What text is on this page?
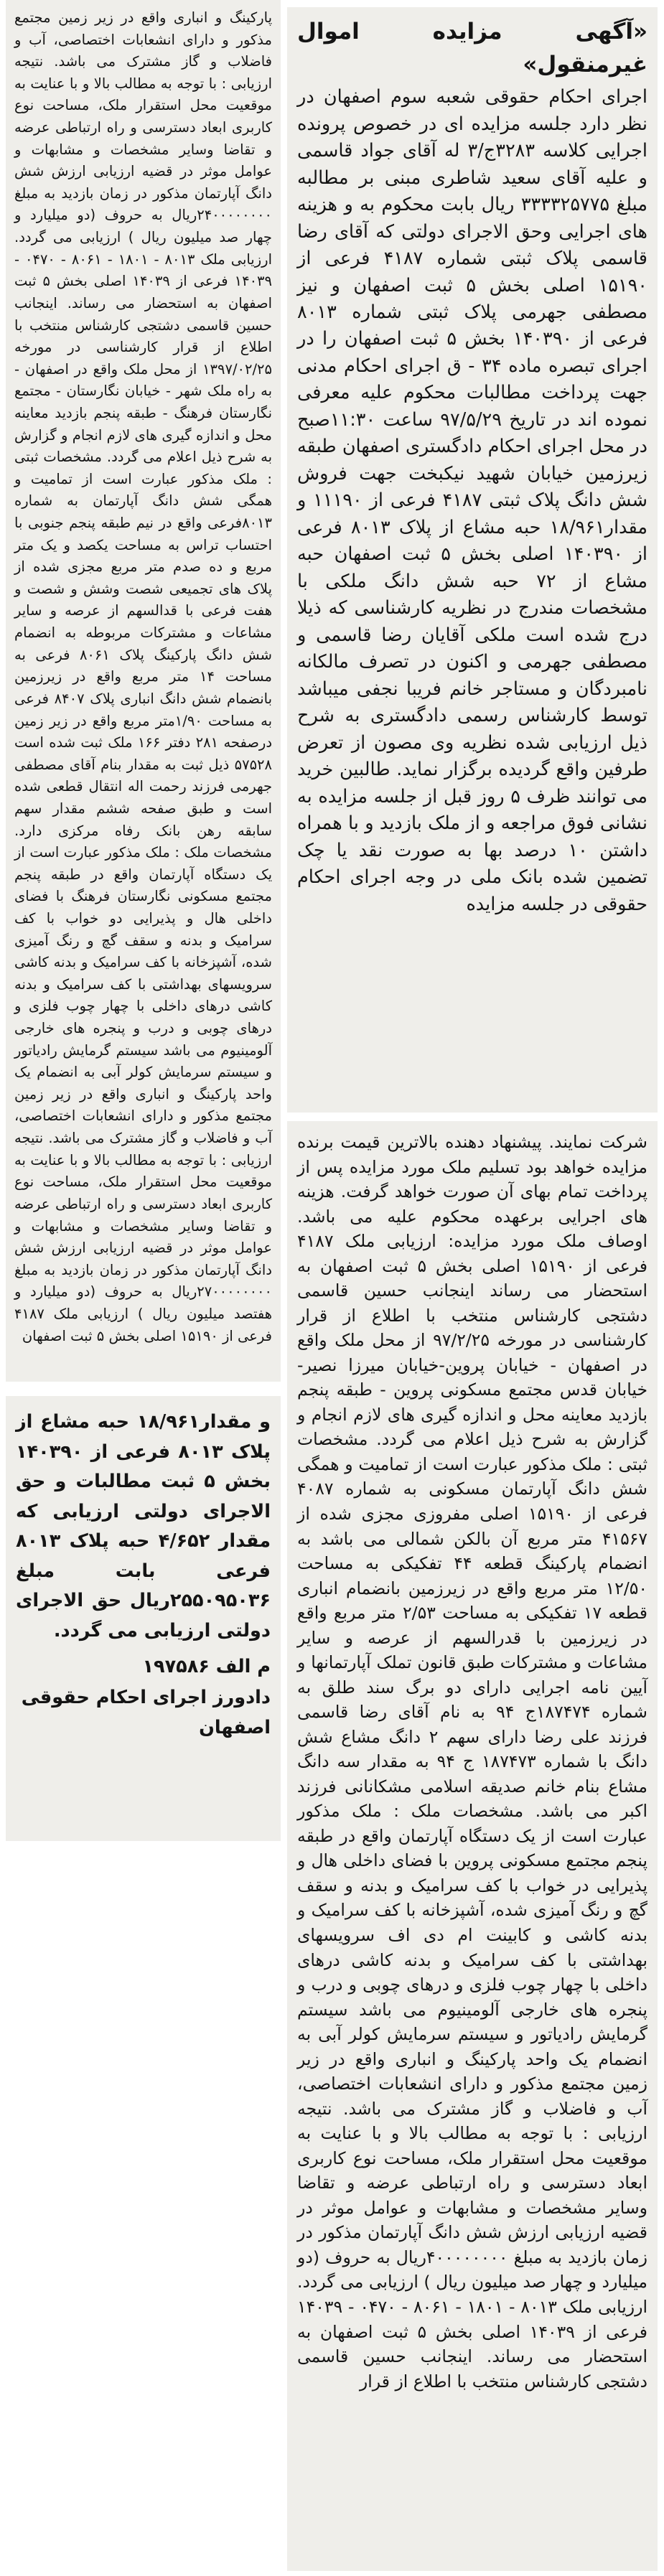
«آگهی مزایده اموال غیرمنقول»

اجرای احکام حقوقی شعبه سوم اصفهان در نظر دارد جلسه مزایده ای در خصوص پرونده اجرایی کلاسه ۳۲۸۳ج/۳ له آقای جواد قاسمی و علیه آقای سعید شاطری مبنی بر مطالبه مبلغ ۳۳۳۳۲۵۷۷۵ ریال بابت محکوم به و هزینه های اجرایی وحق الاجرای دولتی که آقای رضا قاسمی پلاک ثبتی شماره ۴۱۸۷ فرعی از ۱۵۱۹۰ اصلی بخش ۵ ثبت اصفهان و نیز مصطفی جهرمی پلاک ثبتی شماره ۸۰۱۳ فرعی از ۱۴۰۳۹۰ بخش ۵ ثبت اصفهان را در اجرای تبصره ماده ۳۴ - ق اجرای احکام مدنی جهت پرداخت مطالبات محکوم علیه معرفی نموده اند در تاریخ ۹۷/۵/۲۹ ساعت ۱۱:۳۰صبح در محل اجرای احکام دادگستری اصفهان طبقه زیرزمین خیابان شهید نیکبخت جهت فروش شش دانگ پلاک ثبتی ۴۱۸۷ فرعی از ۱۱۱۹۰ و مقدار۱۸/۹۶۱ حبه مشاع از پلاک ۸۰۱۳ فرعی از ۱۴۰۳۹۰ اصلی بخش ۵ ثبت اصفهان حبه مشاع از ۷۲ حبه شش دانگ ملکی با مشخصات مندرج در نظریه کارشناسی که ذیلا درج شده است ملکی آقایان رضا قاسمی و مصطفی جهرمی و اکنون در تصرف مالکانه نامبردگان و مستاجر خانم فریبا نجفی میباشد توسط کارشناس رسمی دادگستری به شرح ذیل ارزیابی شده نظریه وی مصون از تعرض طرفین واقع گردیده برگزار نماید. طالبین خرید می توانند ظرف ۵ روز قبل از جلسه مزایده به نشانی فوق مراجعه و از ملک بازدید و با همراه داشتن ۱۰ درصد بها به صورت نقد یا چک تضمین شده بانک ملی در وجه اجرای احکام حقوقی در جلسه مزایده

شرکت نمایند. پیشنهاد دهنده بالاترین قیمت برنده مزایده خواهد بود تسلیم ملک مورد مزایده پس از پرداخت تمام بهای آن صورت خواهد گرفت. هزینه های اجرایی برعهده محکوم علیه می باشد. اوصاف ملک مورد مزایده: ارزیابی ملک ۴۱۸۷ فرعی از ۱۵۱۹۰ اصلی بخش ۵ ثبت اصفهان به استحضار می رساند اینجانب حسین قاسمی دشتجی کارشناس منتخب با اطلاع از قرار کارشناسی در مورخه ۹۷/۲/۲۵ از محل ملک واقع در اصفهان - خیابان پروین-خیابان میرزا نصیر- خیابان قدس مجتمع مسکونی پروین - طبقه پنجم بازدید معاینه محل و اندازه گیری های لازم انجام و گزارش به شرح ذیل اعلام می گردد. مشخصات ثبتی : ملک مذکور عبارت است از تمامیت و همگی شش دانگ آپارتمان مسکونی به شماره ۴۰۸۷ فرعی از ۱۵۱۹۰ اصلی مفروزی مجزی شده از ۴۱۵۶۷ متر مربع آن بالکن شمالی می باشد به انضمام پارکینگ قطعه ۴۴ تفکیکی به مساحت ۱۲/۵۰ متر مربع واقع در زیرزمین بانضمام انباری قطعه ۱۷ تفکیکی به مساحت ۲/۵۳ متر مربع واقع در زیرزمین با قدرالسهم از عرصه و سایر مشاعات و مشترکات طبق قانون تملک آپارتمانها و آیین نامه اجرایی دارای دو برگ سند طلق به شماره ۱۸۷۴۷۴ج ۹۴ به نام آقای رضا قاسمی فرزند علی رضا دارای سهم ۲ دانگ مشاع شش دانگ با شماره ۱۸۷۴۷۳ ج ۹۴ به مقدار سه دانگ مشاع بنام خانم صدیقه اسلامی مشکانانی فرزند اکبر می باشد. مشخصات ملک : ملک مذکور عبارت است از یک دستگاه آپارتمان واقع در طبقه پنجم مجتمع مسکونی پروین با فضای داخلی هال و پذیرایی در خواب با کف سرامیک و بدنه و سقف گچ و رنگ آمیزی شده، آشپزخانه با کف سرامیک و بدنه کاشی و کابینت ام دی اف سرویسهای بهداشتی با کف سرامیک و بدنه کاشی درهای داخلی با چهار چوب فلزی و درهای چوبی و درب و پنجره های خارجی آلومینیوم می باشد سیستم گرمایش رادیاتور و سیستم سرمایش کولر آبی به انضمام یک واحد پارکینگ و انباری واقع در زیر زمین مجتمع مذکور و دارای انشعابات اختصاصی، آب و فاضلاب و گاز مشترک می باشد. نتیجه ارزیابی : با توجه به مطالب بالا و با عنایت به موقعیت محل استقرار ملک، مساحت نوع کاربری ابعاد دسترسی و راه ارتباطی عرضه و تقاضا وسایر مشخصات و مشابهات و عوامل موثر در قضیه ارزیابی ارزش شش دانگ آپارتمان مذکور در زمان بازدید به مبلغ ۴۰۰۰۰۰۰۰۰ریال به حروف (دو میلیارد و چهار صد میلیون ریال ) ارزیابی می گردد. ارزیابی ملک ۸۰۱۳ - ۱۸۰۱ - ۸۰۶۱ - ۰۴۷۰ - ۱۴۰۳۹ فرعی از ۱۴۰۳۹ اصلی بخش ۵ ثبت اصفهان به استحضار می رساند. اینجانب حسین قاسمی دشتجی کارشناس منتخب با اطلاع از قرار

پارکینگ و انباری واقع در زیر زمین مجتمع مذکور و دارای انشعابات اختصاصی، آب و فاضلاب و گاز مشترک می باشد. نتیجه ارزیابی : با توجه به مطالب بالا و با عنایت به موقعیت محل استقرار ملک، مساحت نوع کاربری ابعاد دسترسی و راه ارتباطی عرضه و تقاضا وسایر مشخصات و مشابهات و عوامل موثر در قضیه ارزیابی ارزش شش دانگ آپارتمان مذکور در زمان بازدید به مبلغ ۲۴۰۰۰۰۰۰۰۰ریال به حروف (دو میلیارد و چهار صد میلیون ریال ) ارزیابی می گردد. ارزیابی ملک ۸۰۱۳ - ۱۸۰۱ - ۸۰۶۱ - ۰۴۷۰ - ۱۴۰۳۹ فرعی از ۱۴۰۳۹ اصلی بخش ۵ ثبت اصفهان به استحضار می رساند. اینجانب حسین قاسمی دشتجی کارشناس منتخب با اطلاع از قرار کارشناسی در مورخه ۱۳۹۷/۰۲/۲۵ از محل ملک واقع در اصفهان - به راه ملک شهر - خیابان نگارستان - مجتمع نگارستان فرهنگ - طبقه پنجم بازدید معاینه محل و اندازه گیری های لازم انجام و گزارش به شرح ذیل اعلام می گردد. مشخصات ثبتی : ملک مذکور عبارت است از تمامیت و همگی شش دانگ آپارتمان به شماره ۸۰۱۳فرعی واقع در نیم طبقه پنجم جنوبی با احتساب تراس به مساحت یکصد و یک متر مربع و ده صدم متر مربع مجزی شده از پلاک های تجمیعی شصت وشش و شصت و هفت فرعی با قدالسهم از عرصه و سایر مشاعات و مشترکات مربوطه به انضمام شش دانگ پارکینگ پلاک ۸۰۶۱ فرعی به مساحت ۱۴ متر مربع واقع در زیرزمین بانضمام شش دانگ انباری پلاک ۸۴۰۷ فرعی به مساحت ۱/۹۰متر مربع واقع در زیر زمین درصفحه ۲۸۱ دفتر ۱۶۶ ملک ثبت شده است ۵۷۵۲۸ ذیل ثبت به مقدار بنام آقای مصطفی جهرمی فرزند رحمت اله انتقال قطعی شده است و طبق صفحه ششم مقدار سهم سابقه رهن بانک رفاه مرکزی دارد. مشخصات ملک : ملک مذکور عبارت است از یک دستگاه آپارتمان واقع در طبقه پنجم مجتمع مسکونی نگارستان فرهنگ با فضای داخلی هال و پذیرایی دو خواب با کف سرامیک و بدنه و سقف گچ و رنگ آمیزی شده، آشپزخانه با کف سرامیک و بدنه کاشی سرویسهای بهداشتی با کف سرامیک و بدنه کاشی درهای داخلی با چهار چوب فلزی و درهای چوبی و درب و پنجره های خارجی آلومینیوم می باشد سیستم گرمایش رادیاتور و سیستم سرمایش کولر آبی به انضمام یک واحد پارکینگ و انباری واقع در زیر زمین مجتمع مذکور و دارای انشعابات اختصاصی، آب و فاضلاب و گاز مشترک می باشد. نتیجه ارزیابی : با توجه به مطالب بالا و با عنایت به موقعیت محل استقرار ملک، مساحت نوع کاربری ابعاد دسترسی و راه ارتباطی عرضه و تقاضا وسایر مشخصات و مشابهات و عوامل موثر در قضیه ارزیابی ارزش شش دانگ آپارتمان مذکور در زمان بازدید به مبلغ ۲۷۰۰۰۰۰۰۰۰ریال به حروف (دو میلیارد و هفتصد میلیون ریال ) ارزیابی ملک ۴۱۸۷ فرعی از ۱۵۱۹۰ اصلی بخش ۵ ثبت اصفهان

و مقدار۱۸/۹۶۱ حبه مشاع از پلاک ۸۰۱۳ فرعی از ۱۴۰۳۹۰ بخش ۵ ثبت مطالبات و حق الاجرای دولتی ارزیابی که مقدار ۴/۶۵۲ حبه پلاک ۸۰۱۳ فرعی بابت مبلغ ۲۵۵۰۹۵۰۳۶ریال حق الاجرای دولتی ارزیابی می گردد.

م الف ۱۹۷۵۸۶

دادورز اجرای احکام حقوقی اصفهان
